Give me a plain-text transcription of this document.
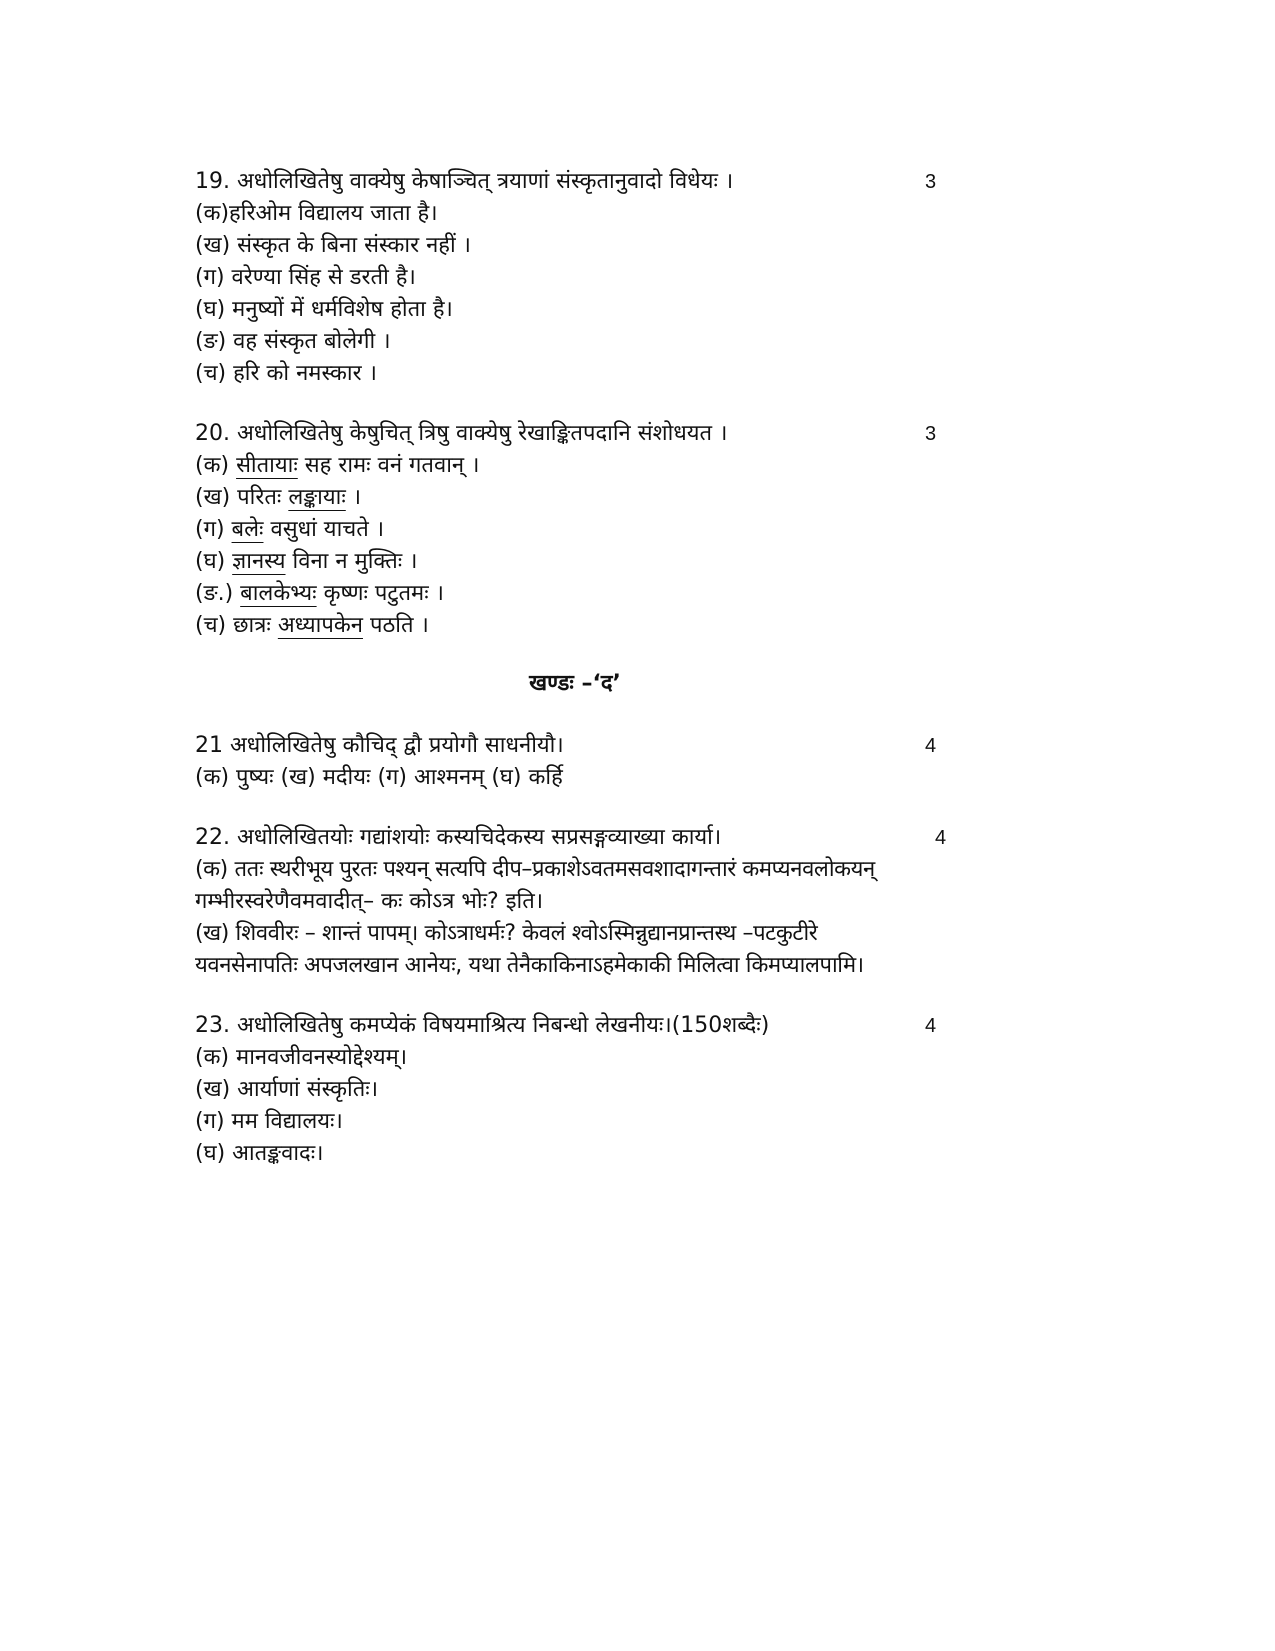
19. अधोलिखितेषु वाक्येषु केषाञ्चित् त्रयाणां संस्कृतानुवादो विधेयः ।	3
(क)हरिओम विद्यालय जाता है।
(ख) संस्कृत के बिना संस्कार नहीं ।
(ग) वरेण्या सिंह से डरती है।
(घ) मनुष्यों में धर्मविशेष होता है।
(ङ) वह संस्कृत बोलेगी ।
(च) हरि को नमस्कार ।
20. अधोलिखितेषु केषुचित् त्रिषु वाक्येषु रेखाङ्कितपदानि संशोधयत ।	3
(क) सीतायाः सह रामः वनं गतवान् ।
(ख) परितः लङ्कायाः ।
(ग) बलेः वसुधां याचते ।
(घ) ज्ञानस्य विना न मुक्तिः ।
(ङ.) बालकेभ्यः कृष्णः पटुतमः ।
(च) छात्रः अध्यापकेन पठति ।
खण्डः –‘द’
21 अधोलिखितेषु कौचिद् द्वौ प्रयोगौ साधनीयौ।	4
(क) पुष्यः (ख) मदीयः (ग) आश्मनम् (घ) कर्हि
22. अधोलिखितयोः गद्यांशयोः कस्यचिदेकस्य सप्रसङ्गव्याख्या कार्या।	4
(क) ततः स्थरीभूय पुरतः पश्यन् सत्यपि दीप–प्रकाशेऽवतमसवशादागन्तारं कमप्यनवलोकयन्
गम्भीरस्वरेणैवमवादीत्– कः कोऽत्र भोः? इति।
(ख) शिववीरः – शान्तं पापम्। कोऽत्राधर्मः? केवलं श्वोऽस्मिन्नुद्यानप्रान्तस्थ –पटकुटीरे
यवनसेनापतिः अपजलखान आनेयः, यथा तेनैकाकिनाऽहमेकाकी मिलित्वा किमप्यालपामि।
23. अधोलिखितेषु कमप्येकं विषयमाश्रित्य निबन्धो लेखनीयः।(150शब्दैः)	4
(क) मानवजीवनस्योद्देश्यम्।
(ख) आर्याणां संस्कृतिः।
(ग) मम विद्यालयः।
(घ) आतङ्कवादः।
